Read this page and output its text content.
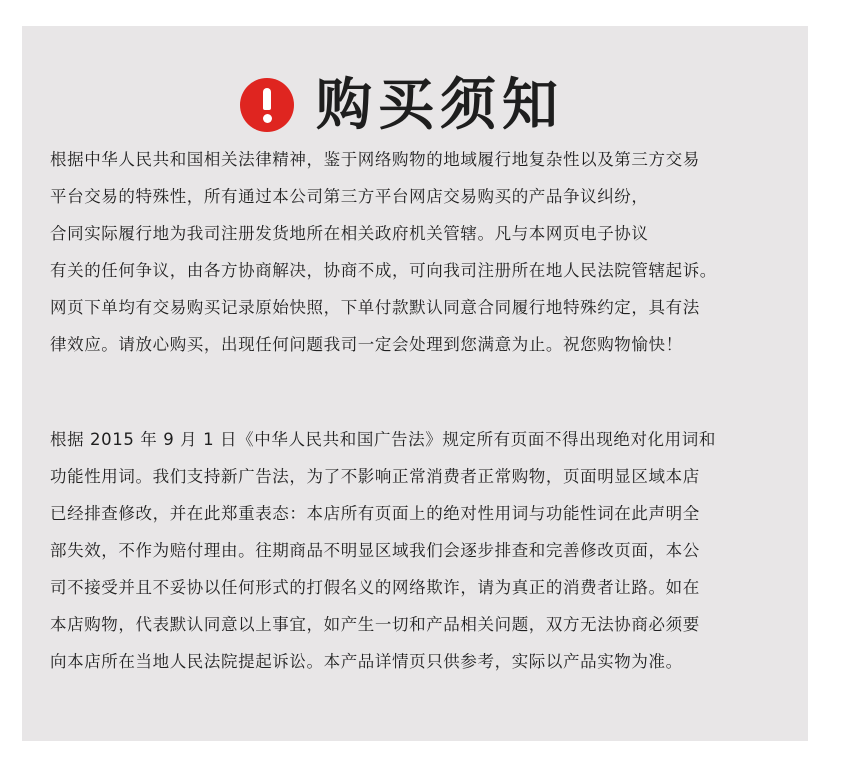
购买须知
根据中华人民共和国相关法律精神，鉴于网络购物的地域履行地复杂性以及第三方交易
平台交易的特殊性，所有通过本公司第三方平台网店交易购买的产品争议纠纷，
合同实际履行地为我司注册发货地所在相关政府机关管辖。凡与本网页电子协议
有关的任何争议，由各方协商解决，协商不成，可向我司注册所在地人民法院管辖起诉。
网页下单均有交易购买记录原始快照，下单付款默认同意合同履行地特殊约定，具有法
律效应。请放心购买，出现任何问题我司一定会处理到您满意为止。祝您购物愉快！
根据 2015 年 9 月 1 日《中华人民共和国广告法》规定所有页面不得出现绝对化用词和
功能性用词。我们支持新广告法，为了不影响正常消费者正常购物，页面明显区域本店
已经排查修改，并在此郑重表态：本店所有页面上的绝对性用词与功能性词在此声明全
部失效，不作为赔付理由。往期商品不明显区域我们会逐步排查和完善修改页面，本公
司不接受并且不妥协以任何形式的打假名义的网络欺诈，请为真正的消费者让路。如在
本店购物，代表默认同意以上事宜，如产生一切和产品相关问题，双方无法协商必须要
向本店所在当地人民法院提起诉讼。本产品详情页只供参考，实际以产品实物为准。
